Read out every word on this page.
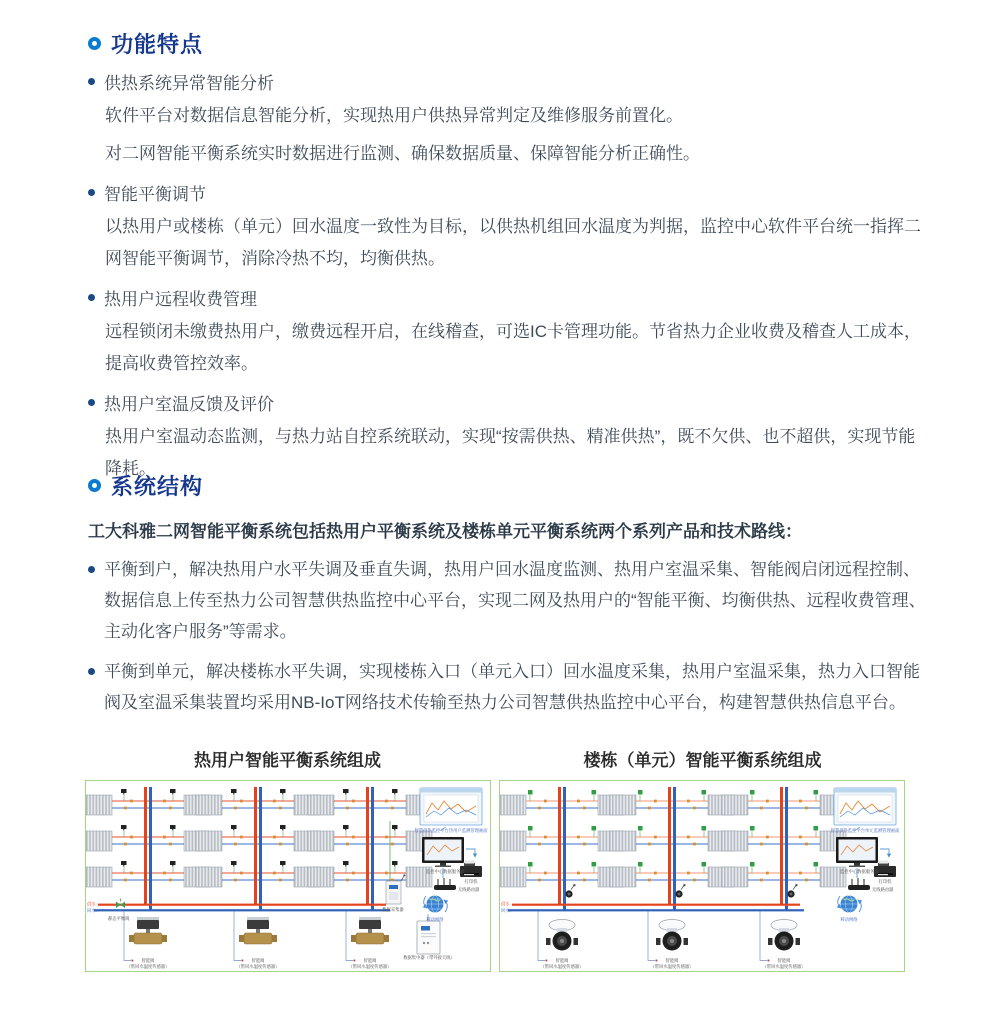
功能特点
供热系统异常智能分析

软件平台对数据信息智能分析，实现热用户供热异常判定及维修服务前置化。

对二网智能平衡系统实时数据进行监测、确保数据质量、保障智能分析正确性。

智能平衡调节

以热用户或楼栋（单元）回水温度一致性为目标，以供热机组回水温度为判据，监控中心软件平台统一指挥二网智能平衡调节，消除冷热不均，均衡供热。

热用户远程收费管理

远程锁闭未缴费热用户，缴费远程开启，在线稽查，可选IC卡管理功能。节省热力企业收费及稽查人工成本，提高收费管控效率。

热用户室温反馈及评价

热用户室温动态监测，与热力站自控系统联动，实现“按需供热、精准供热”，既不欠供、也不超供，实现节能降耗。

系统结构

工大科雅二网智能平衡系统包括热用户平衡系统及楼栋单元平衡系统两个系列产品和技术路线：

平衡到户，解决热用户水平失调及垂直失调，热用户回水温度监测、热用户室温采集、智能阀启闭远程控制、数据信息上传至热力公司智慧供热监控中心平台，实现二网及热用户的“智能平衡、均衡供热、远程收费管理、主动化客户服务”等需求。

平衡到单元，解决楼栋水平失调，实现楼栋入口（单元入口）回水温度采集，热用户室温采集，热力入口智能阀及室温采集装置均采用NB-IoT网络技术传输至热力公司智慧供热监控中心平台，构建智慧供热信息平台。

热用户智能平衡系统组成	楼栋（单元）智能平衡系统组成
供水→
回水←
静态平衡阀
智能阀
（带回水温度传感器）
智能阀
（带回水温度传感器）
智能阀
（带回水温度传感器）
智慧供热监控平台热用户监测管理画面
监控中心数据服务器
打印机
无线路由器
移动网络
数据采集器
数据集中器（带外接天线）
供水→
回水←
智能阀
（带回水温度传感器）
智能阀
（带回水温度传感器）
智能阀
（带回水温度传感器）
智慧供热监控平台单元监测管理画面
监控中心数据服务器
打印机
无线路由器
移动网络
